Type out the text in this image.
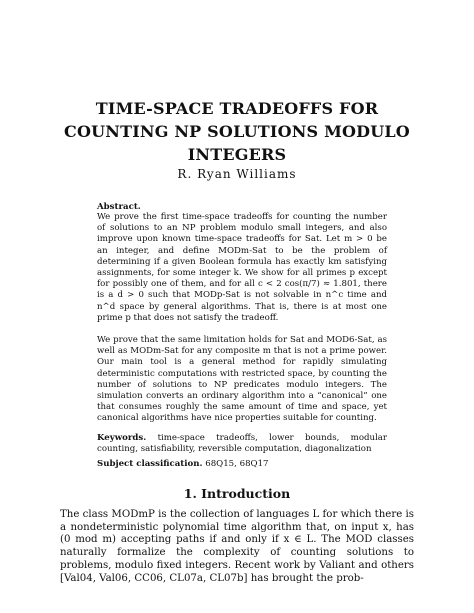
TIME-SPACE TRADEOFFS FOR
COUNTING NP SOLUTIONS MODULO
INTEGERS
R. Ryan Williams
Abstract.
We prove the first time-space tradeoffs for counting the number of solutions to an NP problem modulo small integers, and also improve upon known time-space tradeoffs for Sat. Let m > 0 be an integer, and define MODm-Sat to be the problem of determining if a given Boolean formula has exactly km satisfying assignments, for some integer k. We show for all primes p except for possibly one of them, and for all c < 2 cos(π/7) ≈ 1.801, there is a d > 0 such that MODp-Sat is not solvable in n^c time and n^d space by general algorithms. That is, there is at most one prime p that does not satisfy the tradeoff.
We prove that the same limitation holds for Sat and MOD6-Sat, as well as MODm-Sat for any composite m that is not a prime power. Our main tool is a general method for rapidly simulating deterministic computations with restricted space, by counting the number of solutions to NP predicates modulo integers. The simulation converts an ordinary algorithm into a “canonical” one that consumes roughly the same amount of time and space, yet canonical algorithms have nice properties suitable for counting.
Keywords. time-space tradeoffs, lower bounds, modular counting, satisfiability, reversible computation, diagonalization
Subject classification. 68Q15, 68Q17
1. Introduction
The class MODmP is the collection of languages L for which there is a nondeterministic polynomial time algorithm that, on input x, has (0 mod m) accepting paths if and only if x ∈ L. The MOD classes naturally formalize the complexity of counting solutions to problems, modulo fixed integers. Recent work by Valiant and others [Val04, Val06, CC06, CL07a, CL07b] has brought the prob-
